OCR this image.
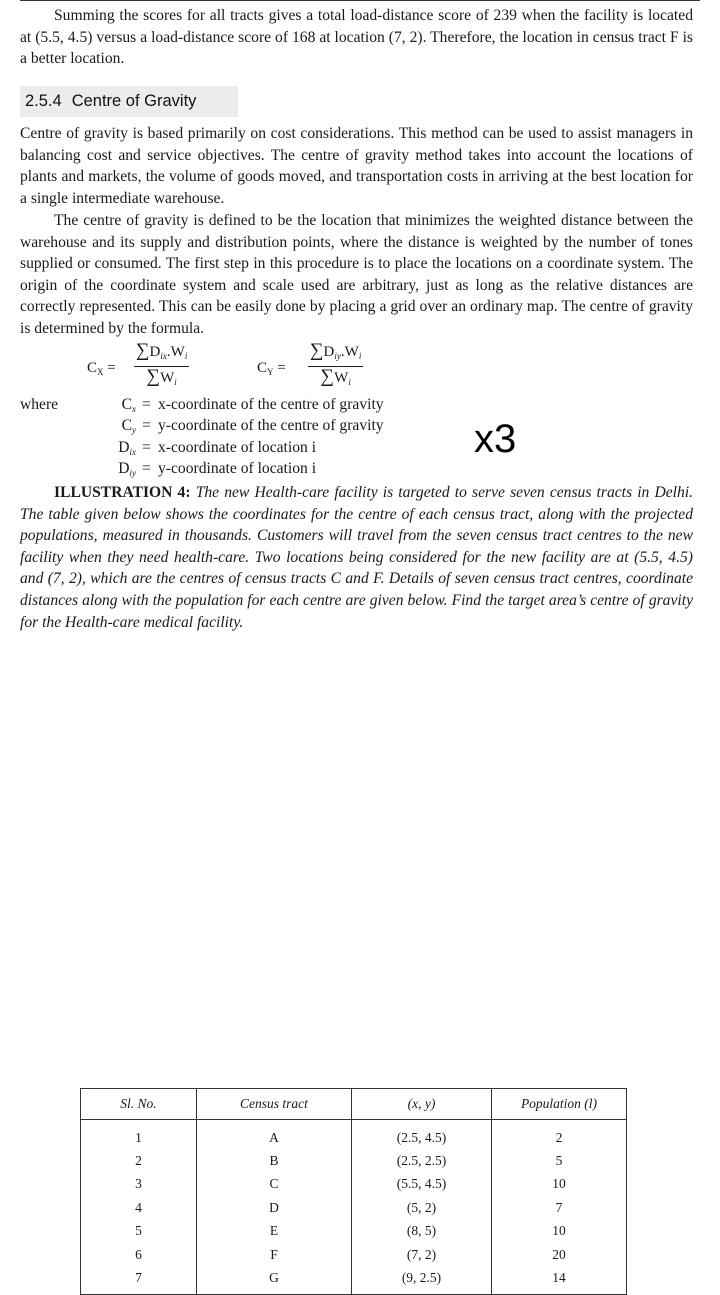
Summing the scores for all tracts gives a total load-distance score of 239 when the facility is located at (5.5, 4.5) versus a load-distance score of 168 at location (7, 2). Therefore, the location in census tract F is a better location.

2.5.4 Centre of Gravity

Centre of gravity is based primarily on cost considerations. This method can be used to assist managers in balancing cost and service objectives. The centre of gravity method takes into account the locations of plants and markets, the volume of goods moved, and transportation costs in arriving at the best location for a single intermediate warehouse.

The centre of gravity is defined to be the location that minimizes the weighted distance between the warehouse and its supply and distribution points, where the distance is weighted by the number of tones supplied or consumed. The first step in this procedure is to place the locations on a coordinate system. The origin of the coordinate system and scale used are arbitrary, just as long as the relative distances are correctly represented. This can be easily done by placing a grid over an ordinary map. The centre of gravity is determined by the formula.

$C_X$ =
$\sum D_{ix}.W_i$
$\sum W_i$
$C_Y$ =
$\sum D_{iy}.W_i$
$\sum W_i$
where	$C_x$ = x-coordinate of the centre of gravity
$C_y$ = y-coordinate of the centre of gravity
$D_{ix}$ = x-coordinate of location i
$D_{iy}$ = y-coordinate of location i
x3

ILLUSTRATION 4: The new Health-care facility is targeted to serve seven census tracts in Delhi. The table given below shows the coordinates for the centre of each census tract, along with the projected populations, measured in thousands. Customers will travel from the seven census tract centres to the new facility when they need health-care. Two locations being considered for the new facility are at (5.5, 4.5) and (7, 2), which are the centres of census tracts C and F. Details of seven census tract centres, coordinate distances along with the population for each centre are given below. Find the target area’s centre of gravity for the Health-care medical facility.

Sl. No.	Census tract	(x, y)	Population (l)
1	A	(2.5, 4.5)	2
2	B	(2.5, 2.5)	5
3	C	(5.5, 4.5)	10
4	D	(5, 2)	7
5	E	(8, 5)	10
6	F	(7, 2)	20
7	G	(9, 2.5)	14
